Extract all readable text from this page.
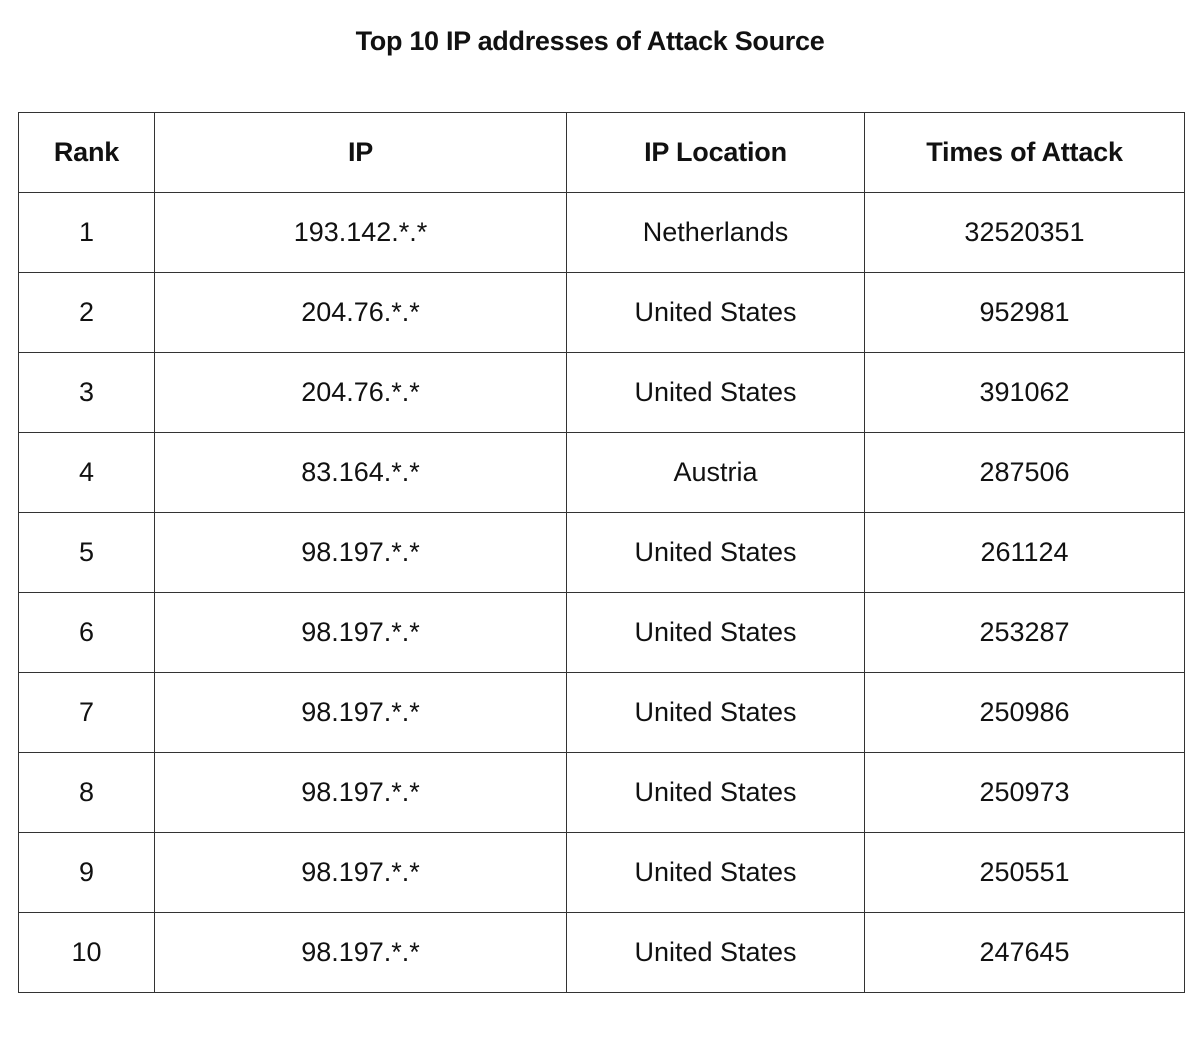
Top 10 IP addresses of Attack Source
Rank	IP	IP Location	Times of Attack
1	193.142.*.*	Netherlands	32520351
2	204.76.*.*	United States	952981
3	204.76.*.*	United States	391062
4	83.164.*.*	Austria	287506
5	98.197.*.*	United States	261124
6	98.197.*.*	United States	253287
7	98.197.*.*	United States	250986
8	98.197.*.*	United States	250973
9	98.197.*.*	United States	250551
10	98.197.*.*	United States	247645
